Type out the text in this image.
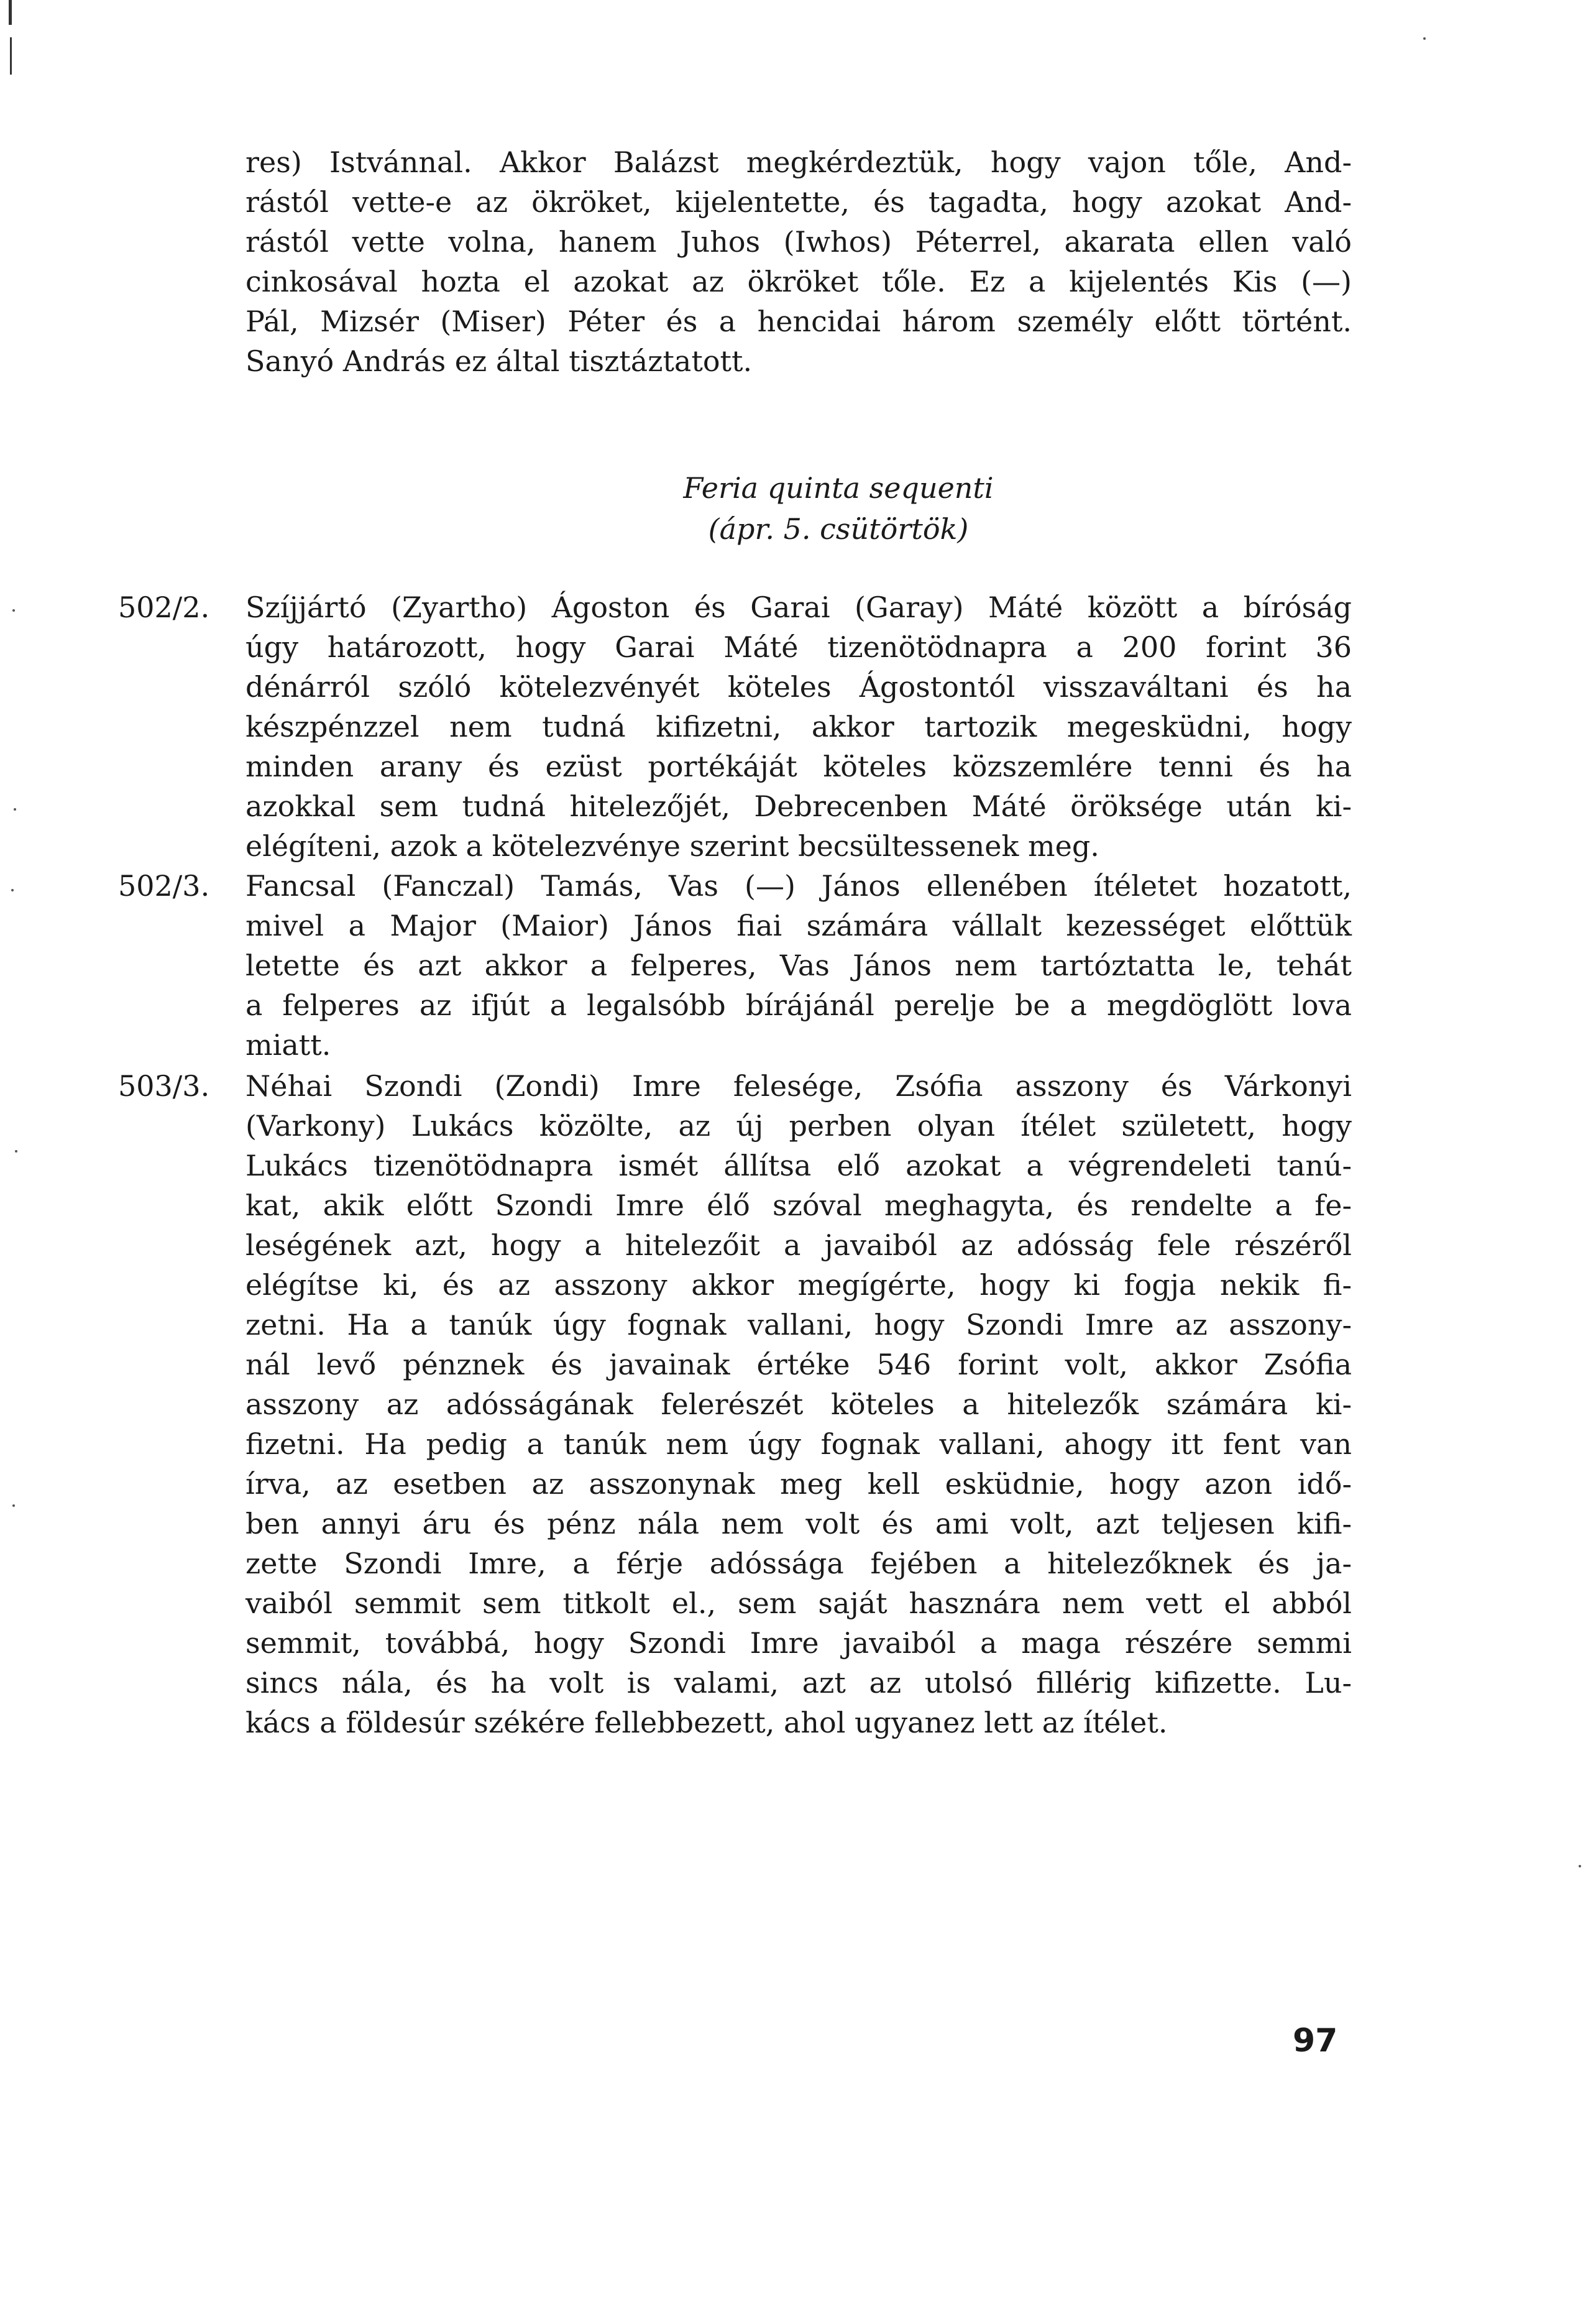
res) Istvánnal. Akkor Balázst megkérdeztük, hogy vajon tőle, And-
rástól vette-e az ökröket, kijelentette, és tagadta, hogy azokat And-
rástól vette volna, hanem Juhos (Iwhos) Péterrel, akarata ellen való
cinkosával hozta el azokat az ökröket tőle. Ez a kijelentés Kis (—)
Pál, Mizsér (Miser) Péter és a hencidai három személy előtt történt.
Sanyó András ez által tisztáztatott.
Feria quinta sequenti
(ápr. 5. csütörtök)
502/2. Szíjjártó (Zyartho) Ágoston és Garai (Garay) Máté között a bíróság
úgy határozott, hogy Garai Máté tizenötödnapra a 200 forint 36
dénárról szóló kötelezvényét köteles Ágostontól visszaváltani és ha
készpénzzel nem tudná kifizetni, akkor tartozik megesküdni, hogy
minden arany és ezüst portékáját köteles közszemlére tenni és ha
azokkal sem tudná hitelezőjét, Debrecenben Máté öröksége után ki-
elégíteni, azok a kötelezvénye szerint becsültessenek meg.
502/3. Fancsal (Fanczal) Tamás, Vas (—) János ellenében ítéletet hozatott,
mivel a Major (Maior) János fiai számára vállalt kezességet előttük
letette és azt akkor a felperes, Vas János nem tartóztatta le, tehát
a felperes az ifjút a legalsóbb bírájánál perelje be a megdöglött lova
miatt.
503/3. Néhai Szondi (Zondi) Imre felesége, Zsófia asszony és Várkonyi
(Varkony) Lukács közölte, az új perben olyan ítélet született, hogy
Lukács tizenötödnapra ismét állítsa elő azokat a végrendeleti tanú-
kat, akik előtt Szondi Imre élő szóval meghagyta, és rendelte a fe-
leségének azt, hogy a hitelezőit a javaiból az adósság fele részéről
elégítse ki, és az asszony akkor megígérte, hogy ki fogja nekik fi-
zetni. Ha a tanúk úgy fognak vallani, hogy Szondi Imre az asszony-
nál levő pénznek és javainak értéke 546 forint volt, akkor Zsófia
asszony az adósságának felerészét köteles a hitelezők számára ki-
fizetni. Ha pedig a tanúk nem úgy fognak vallani, ahogy itt fent van
írva, az esetben az asszonynak meg kell esküdnie, hogy azon idő-
ben annyi áru és pénz nála nem volt és ami volt, azt teljesen kifi-
zette Szondi Imre, a férje adóssága fejében a hitelezőknek és ja-
vaiból semmit sem titkolt el., sem saját hasznára nem vett el abból
semmit, továbbá, hogy Szondi Imre javaiból a maga részére semmi
sincs nála, és ha volt is valami, azt az utolsó fillérig kifizette. Lu-
kács a földesúr székére fellebbezett, ahol ugyanez lett az ítélet.
97
